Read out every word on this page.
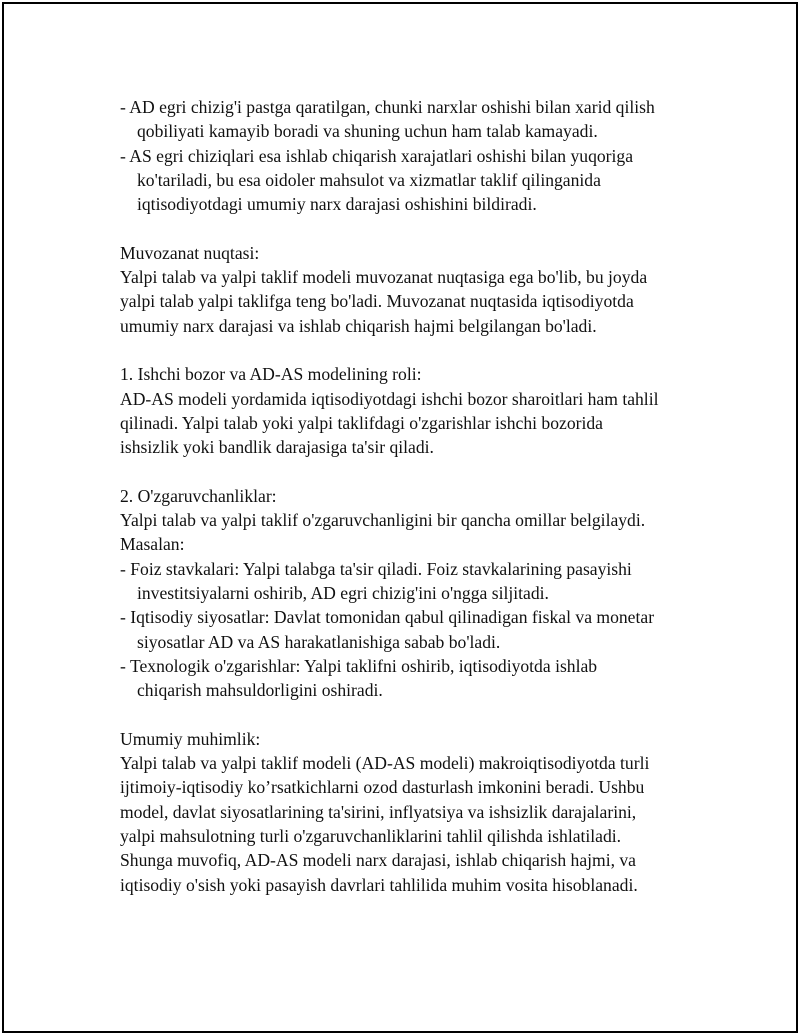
- AD egri chizig'i pastga qaratilgan, chunki narxlar oshishi bilan xarid qilish
qobiliyati kamayib boradi va shuning uchun ham talab kamayadi.
- AS egri chiziqlari esa ishlab chiqarish xarajatlari oshishi bilan yuqoriga
ko'tariladi, bu esa oidoler mahsulot va xizmatlar taklif qilinganida
iqtisodiyotdagi umumiy narx darajasi oshishini bildiradi.
Muvozanat nuqtasi:
Yalpi talab va yalpi taklif modeli muvozanat nuqtasiga ega bo'lib, bu joyda
yalpi talab yalpi taklifga teng bo'ladi. Muvozanat nuqtasida iqtisodiyotda
umumiy narx darajasi va ishlab chiqarish hajmi belgilangan bo'ladi.
1. Ishchi bozor va AD-AS modelining roli:
AD-AS modeli yordamida iqtisodiyotdagi ishchi bozor sharoitlari ham tahlil
qilinadi. Yalpi talab yoki yalpi taklifdagi o'zgarishlar ishchi bozorida
ishsizlik yoki bandlik darajasiga ta'sir qiladi.
2. O'zgaruvchanliklar:
Yalpi talab va yalpi taklif o'zgaruvchanligini bir qancha omillar belgilaydi.
Masalan:
- Foiz stavkalari: Yalpi talabga ta'sir qiladi. Foiz stavkalarining pasayishi
investitsiyalarni oshirib, AD egri chizig'ini o'ngga siljitadi.
- Iqtisodiy siyosatlar: Davlat tomonidan qabul qilinadigan fiskal va monetar
siyosatlar AD va AS harakatlanishiga sabab bo'ladi.
- Texnologik o'zgarishlar: Yalpi taklifni oshirib, iqtisodiyotda ishlab
chiqarish mahsuldorligini oshiradi.
Umumiy muhimlik:
Yalpi talab va yalpi taklif modeli (AD-AS modeli) makroiqtisodiyotda turli
ijtimoiy-iqtisodiy ko’rsatkichlarni ozod dasturlash imkonini beradi. Ushbu
model, davlat siyosatlarining ta'sirini, inflyatsiya va ishsizlik darajalarini,
yalpi mahsulotning turli o'zgaruvchanliklarini tahlil qilishda ishlatiladi.
Shunga muvofiq, AD-AS modeli narx darajasi, ishlab chiqarish hajmi, va
iqtisodiy o'sish yoki pasayish davrlari tahlilida muhim vosita hisoblanadi.
